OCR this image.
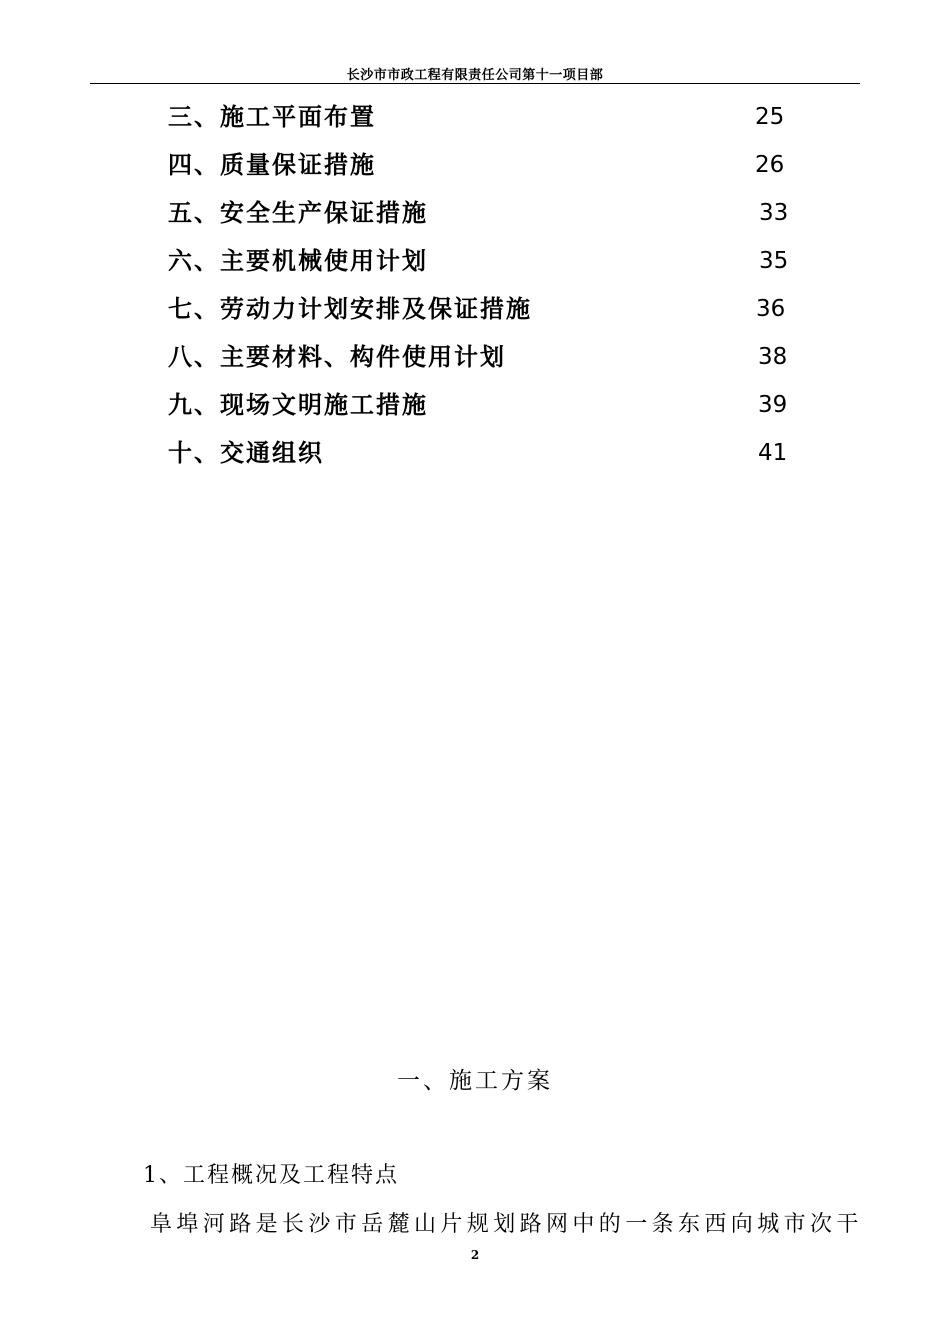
长沙市市政工程有限责任公司第十一项目部
三、施工平面布置	25
四、质量保证措施	26
五、安全生产保证措施	33
六、主要机械使用计划	35
七、劳动力计划安排及保证措施	36
八、主要材料、构件使用计划	38
九、现场文明施工措施	39
十、交通组织	41
一、施工方案
1、工程概况及工程特点
阜埠河路是长沙市岳麓山片规划路网中的一条东西向城市次干
2
